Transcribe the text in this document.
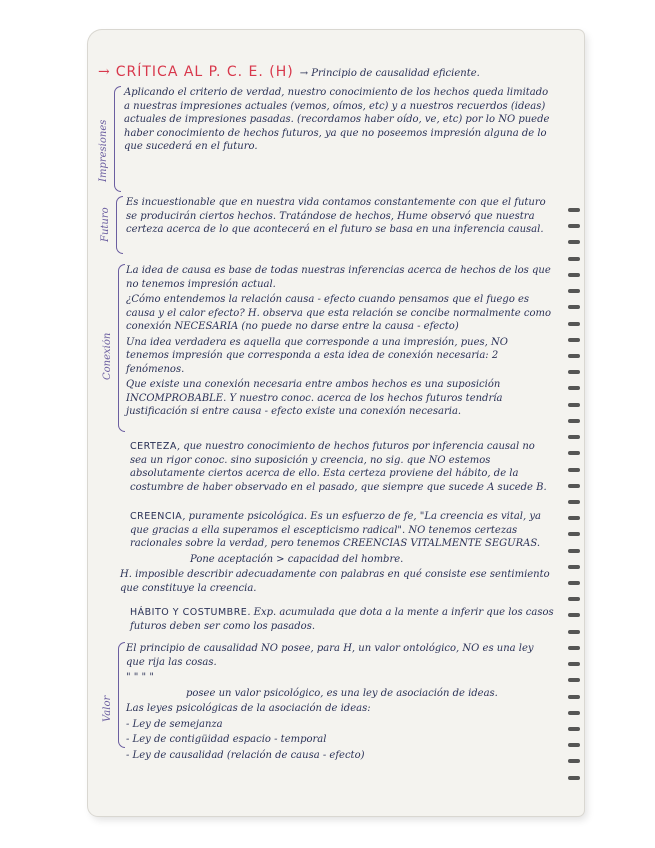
→ CRÍTICA AL P. C. E. (H) → Principio de causalidad eficiente.
Impresiones

Aplicando el criterio de verdad, nuestro conocimiento de los hechos queda limitado a nuestras impresiones actuales (vemos, oímos, etc) y a nuestros recuerdos (ideas) actuales de impresiones pasadas. (recordamos haber oído, ve, etc) por lo NO puede haber conocimiento de hechos futuros, ya que no poseemos impresión alguna de lo que sucederá en el futuro.

Futuro

Es incuestionable que en nuestra vida contamos constantemente con que el futuro se producirán ciertos hechos. Tratándose de hechos, Hume observó que nuestra certeza acerca de lo que acontecerá en el futuro se basa en una inferencia causal.

Conexión

La idea de causa es base de todas nuestras inferencias acerca de hechos de los que no tenemos impresión actual.

¿Cómo entendemos la relación causa - efecto cuando pensamos que el fuego es causa y el calor efecto? H. observa que esta relación se concibe normalmente como conexión NECESARIA (no puede no darse entre la causa - efecto)

Una idea verdadera es aquella que corresponde a una impresión, pues, NO tenemos impresión que corresponda a esta idea de conexión necesaria: 2 fenómenos.

Que existe una conexión necesaria entre ambos hechos es una suposición INCOMPROBABLE. Y nuestro conoc. acerca de los hechos futuros tendría justificación si entre causa - efecto existe una conexión necesaria.

CERTEZA, que nuestro conocimiento de hechos futuros por inferencia causal no sea un rigor conoc. sino suposición y creencia, no sig. que NO estemos absolutamente ciertos acerca de ello. Esta certeza proviene del hábito, de la costumbre de haber observado en el pasado, que siempre que sucede A sucede B.

CREENCIA, puramente psicológica. Es un esfuerzo de fe, "La creencia es vital, ya que gracias a ella superamos el escepticismo radical". NO tenemos certezas racionales sobre la verdad, pero tenemos CREENCIAS VITALMENTE SEGURAS.

Pone aceptación > capacidad del hombre.

H. imposible describir adecuadamente con palabras en qué consiste ese sentimiento que constituye la creencia.

HÁBITO Y COSTUMBRE. Exp. acumulada que dota a la mente a inferir que los casos futuros deben ser como los pasados.

Valor

El principio de causalidad NO posee, para H, un valor ontológico, NO es una ley que rija las cosas.

" " " "

posee un valor psicológico, es una ley de asociación de ideas.

Las leyes psicológicas de la asociación de ideas:

- Ley de semejanza

- Ley de contigüidad espacio - temporal

- Ley de causalidad (relación de causa - efecto)
